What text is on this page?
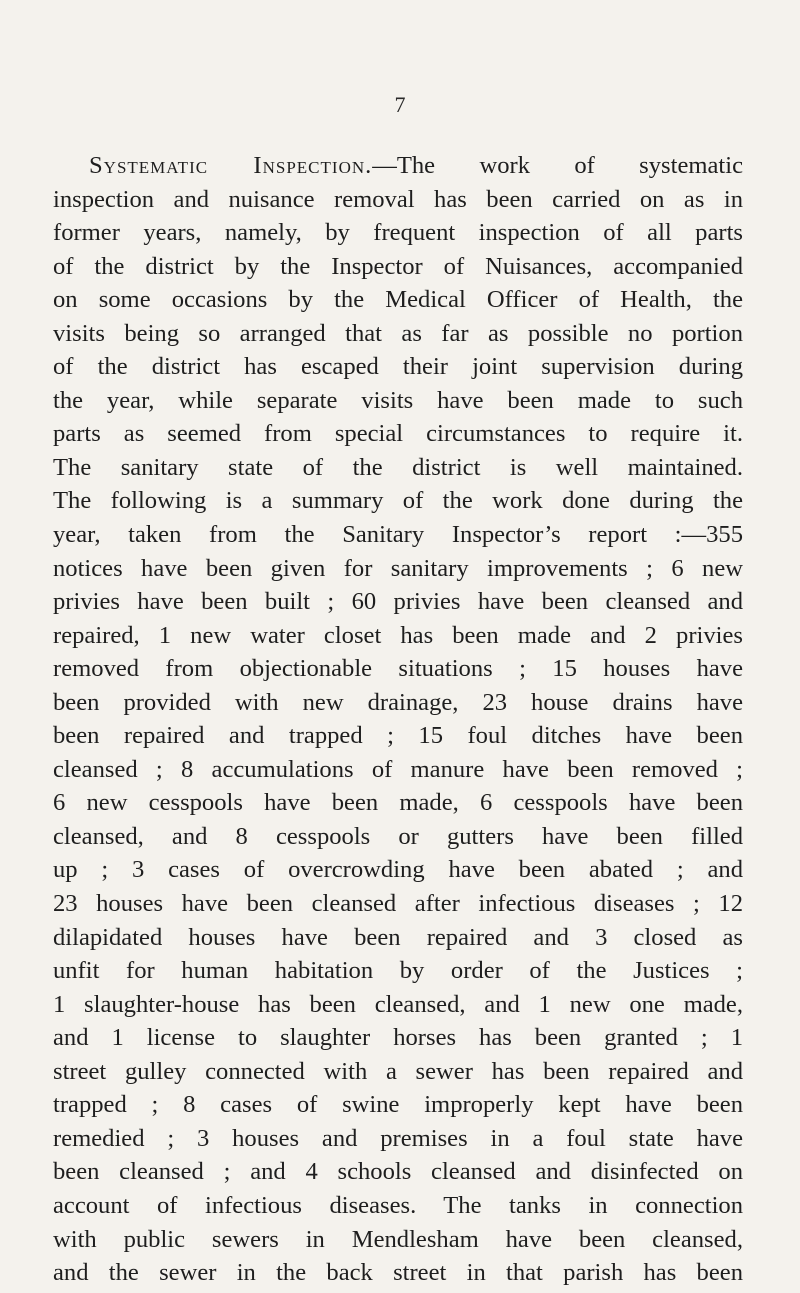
7
Systematic Inspection.—The work of systematic
inspection and nuisance removal has been carried on as in
former years, namely, by frequent inspection of all parts
of the district by the Inspector of Nuisances, accompanied
on some occasions by the Medical Officer of Health, the
visits being so arranged that as far as possible no portion
of the district has escaped their joint supervision during
the year, while separate visits have been made to such
parts as seemed from special circumstances to require it.
The sanitary state of the district is well maintained.
The following is a summary of the work done during the
year, taken from the Sanitary Inspector’s report :—355
notices have been given for sanitary improvements ; 6 new
privies have been built ; 60 privies have been cleansed and
repaired, 1 new water closet has been made and 2 privies
removed from objectionable situations ; 15 houses have
been provided with new drainage, 23 house drains have
been repaired and trapped ; 15 foul ditches have been
cleansed ; 8 accumulations of manure have been removed ;
6 new cesspools have been made, 6 cesspools have been
cleansed, and 8 cesspools or gutters have been filled
up ; 3 cases of overcrowding have been abated ; and
23 houses have been cleansed after infectious diseases ; 12
dilapidated houses have been repaired and 3 closed as
unfit for human habitation by order of the Justices ;
1 slaughter-house has been cleansed, and 1 new one made,
and 1 license to slaughter horses has been granted ; 1
street gulley connected with a sewer has been repaired and
trapped ; 8 cases of swine improperly kept have been
remedied ; 3 houses and premises in a foul state have
been cleansed ; and 4 schools cleansed and disinfected on
account of infectious diseases. The tanks in connection
with public sewers in Mendlesham have been cleansed,
and the sewer in the back street in that parish has been
